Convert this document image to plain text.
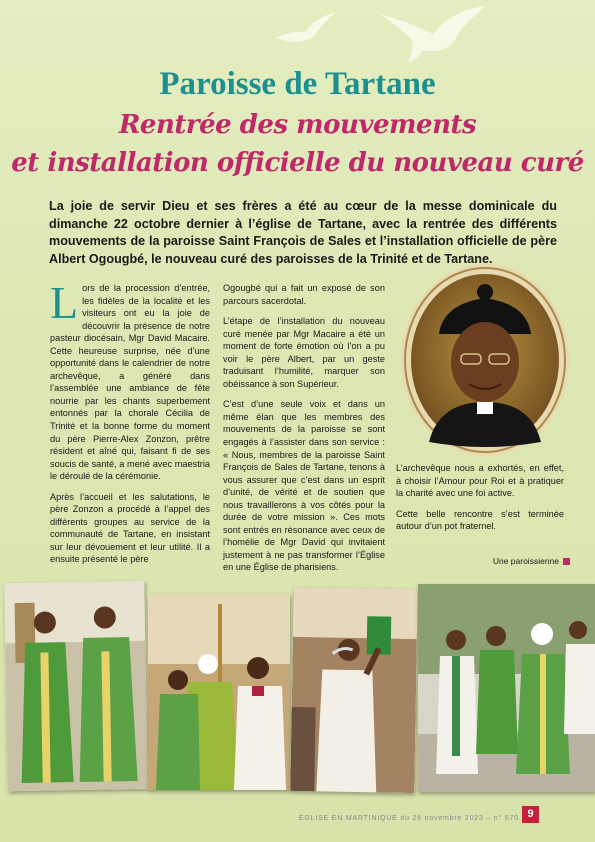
Paroisse de Tartane
Rentrée des mouvements
et installation officielle du nouveau curé

La joie de servir Dieu et ses frères a été au cœur de la messe dominicale du dimanche 22 octobre dernier à l’église de Tartane, avec la rentrée des différents mouvements de la paroisse Saint François de Sales et l’installation officielle de père Albert Ogougbé, le nouveau curé des paroisses de la Trinité et de Tartane.

Lors de la procession d’entrée, les fidèles de la localité et les visiteurs ont eu la joie de découvrir la présence de notre pasteur diocésain, Mgr David Macaire. Cette heureuse surprise, née d’une opportunité dans le calendrier de notre archevêque, a généré dans l’assemblée une ambiance de fête nourrie par les chants superbement entonnés par la chorale Cécilia de Trinité et la bonne forme du moment du père Pierre-Alex Zonzon, prêtre résident et aîné qui, faisant fi de ses soucis de santé, a mené avec maestria le déroulé de la cérémonie.

Après l’accueil et les salutations, le père Zonzon a procédé à l’appel des différents groupes au service de la communauté de Tartane, en insistant sur leur dévouement et leur utilité. Il a ensuite présenté le père

Ogougbé qui a fait un exposé de son parcours sacerdotal.

L’étape de l’installation du nouveau curé menée par Mgr Macaire a été un moment de forte émotion où l’on a pu voir le père Albert, par un geste traduisant l’humilité, marquer son obéissance à son Supérieur.

C’est d’une seule voix et dans un même élan que les membres des mouvements de la paroisse se sont engagés à l’assister dans son service : « Nous, membres de la paroisse Saint François de Sales de Tartane, tenons à vous assurer que c’est dans un esprit d’unité, de vérité et de soutien que nous travaillerons à vos côtés pour la durée de votre mission ». Ces mots sont entrés en résonance avec ceux de l’homélie de Mgr David qui invitaient justement à ne pas transformer l’Église en une Église de pharisiens.

L’archevêque nous a exhortés, en effet, à choisir l’Amour pour Roi et à pratiquer la charité avec une foi active.

Cette belle rencontre s’est terminée autour d’un pot fraternel.

Une paroissienne
ÉGLISE EN MARTINIQUE du 26 novembre 2023 – n° 670 9
